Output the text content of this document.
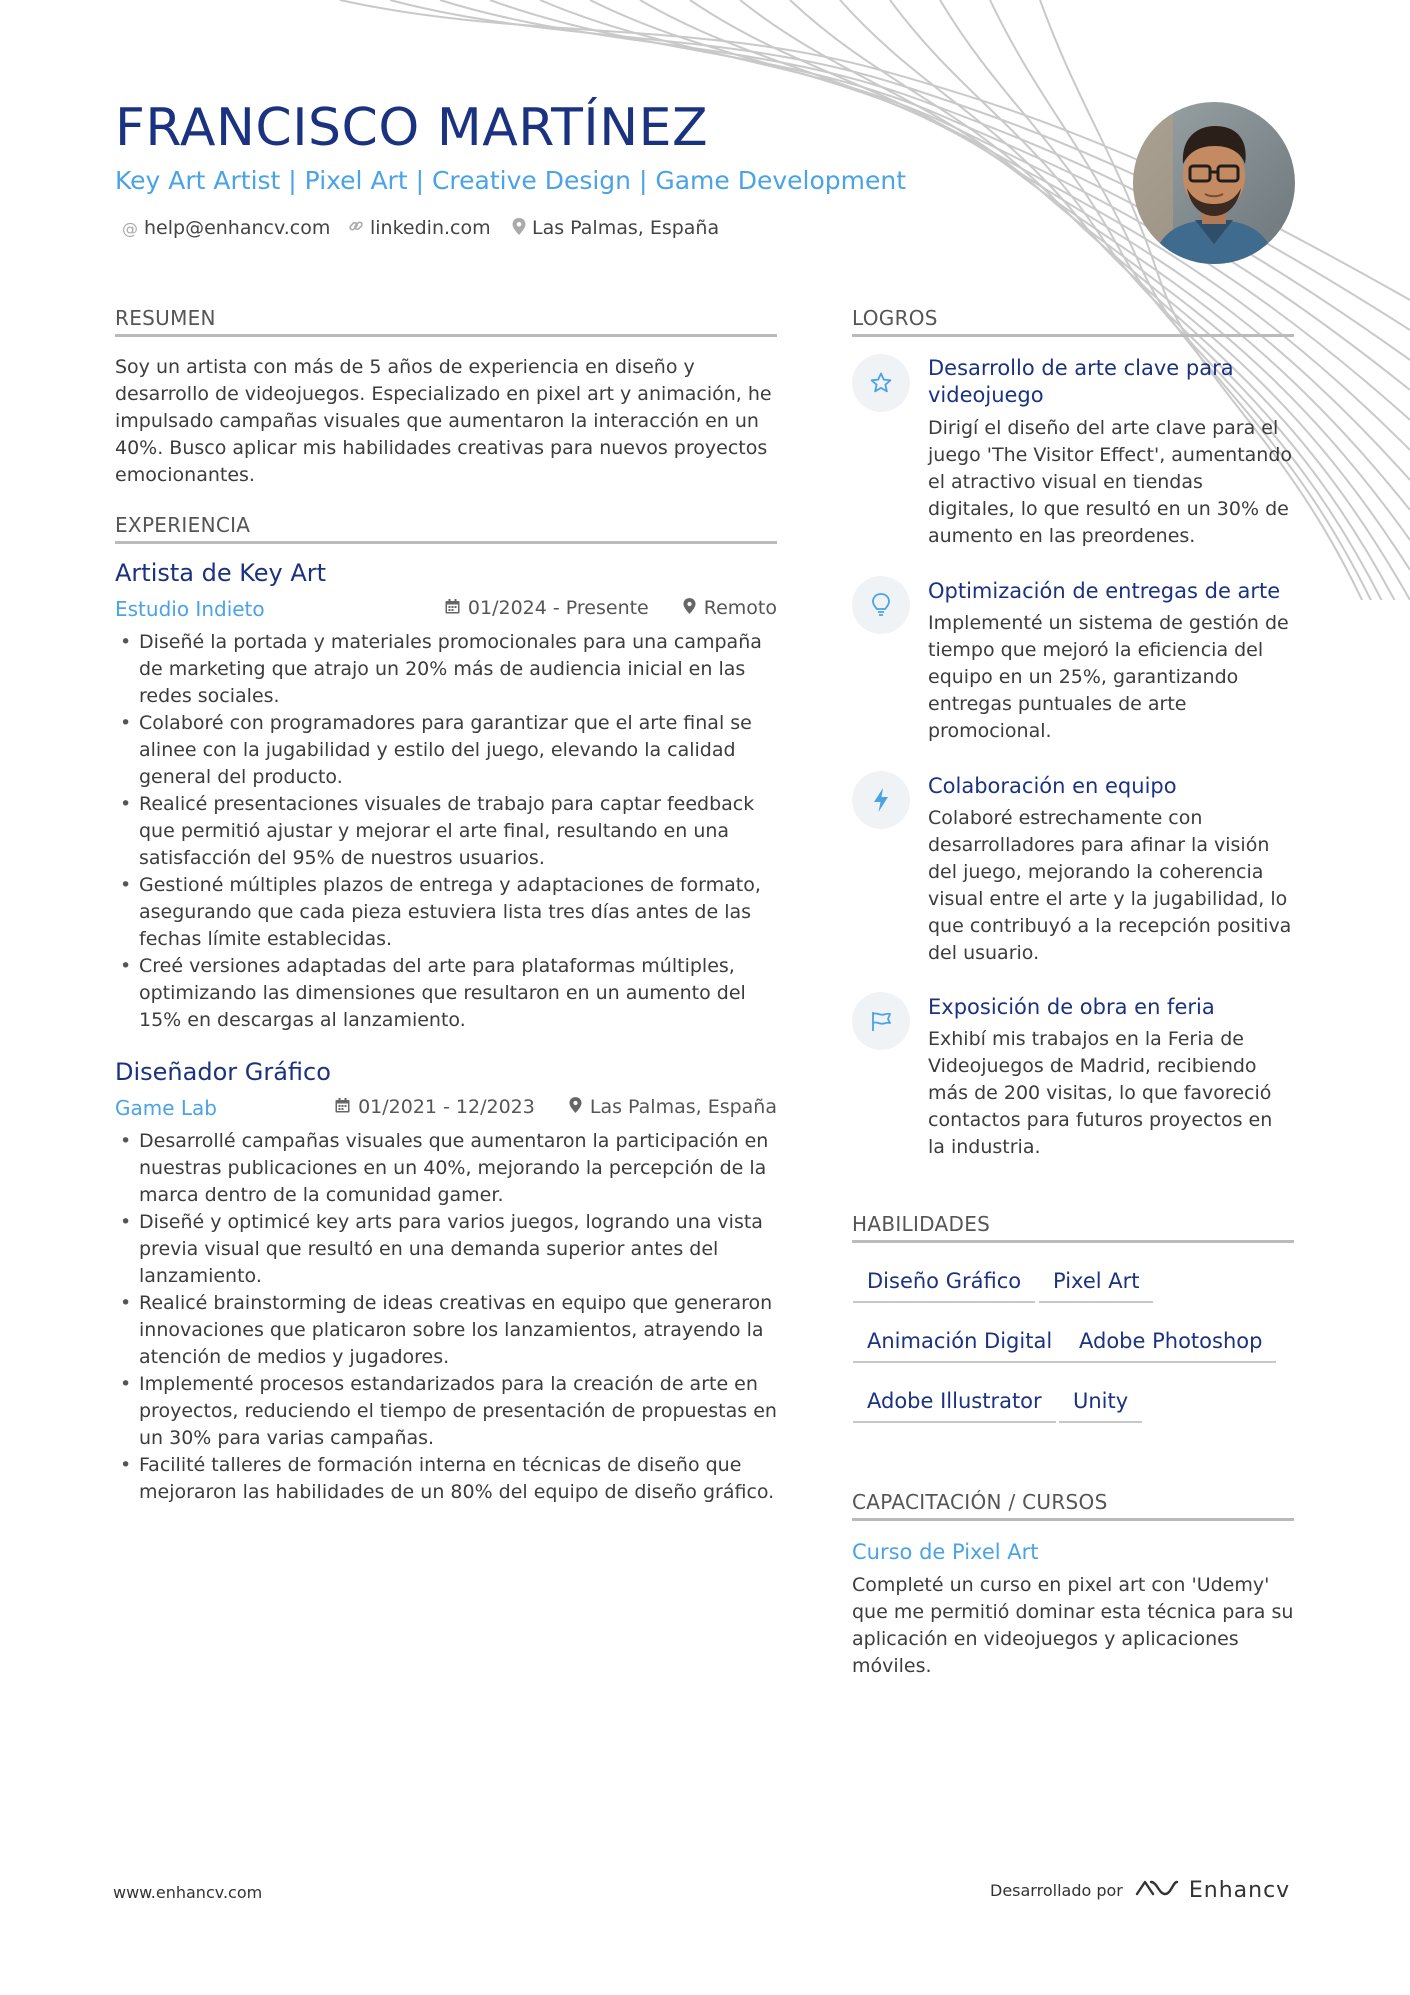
FRANCISCO MARTÍNEZ
Key Art Artist | Pixel Art | Creative Design | Game Development
@ help@enhancv.com linkedin.com Las Palmas, España
RESUMEN
Soy un artista con más de 5 años de experiencia en diseño y desarrollo de videojuegos. Especializado en pixel art y animación, he impulsado campañas visuales que aumentaron la interacción en un 40%. Busco aplicar mis habilidades creativas para nuevos proyectos emocionantes.
EXPERIENCIA
Artista de Key Art
Estudio Indieto	01/2024 - Presente	Remoto
• Diseñé la portada y materiales promocionales para una campaña de marketing que atrajo un 20% más de audiencia inicial en las redes sociales.
• Colaboré con programadores para garantizar que el arte final se alinee con la jugabilidad y estilo del juego, elevando la calidad general del producto.
• Realicé presentaciones visuales de trabajo para captar feedback que permitió ajustar y mejorar el arte final, resultando en una satisfacción del 95% de nuestros usuarios.
• Gestioné múltiples plazos de entrega y adaptaciones de formato, asegurando que cada pieza estuviera lista tres días antes de las fechas límite establecidas.
• Creé versiones adaptadas del arte para plataformas múltiples, optimizando las dimensiones que resultaron en un aumento del 15% en descargas al lanzamiento.
Diseñador Gráfico
Game Lab	01/2021 - 12/2023	Las Palmas, España
• Desarrollé campañas visuales que aumentaron la participación en nuestras publicaciones en un 40%, mejorando la percepción de la marca dentro de la comunidad gamer.
• Diseñé y optimicé key arts para varios juegos, logrando una vista previa visual que resultó en una demanda superior antes del lanzamiento.
• Realicé brainstorming de ideas creativas en equipo que generaron innovaciones que platicaron sobre los lanzamientos, atrayendo la atención de medios y jugadores.
• Implementé procesos estandarizados para la creación de arte en proyectos, reduciendo el tiempo de presentación de propuestas en un 30% para varias campañas.
• Facilité talleres de formación interna en técnicas de diseño que mejoraron las habilidades de un 80% del equipo de diseño gráfico.
LOGROS
Desarrollo de arte clave para videojuego
Dirigí el diseño del arte clave para el juego 'The Visitor Effect', aumentando el atractivo visual en tiendas digitales, lo que resultó en un 30% de aumento en las preordenes.
Optimización de entregas de arte
Implementé un sistema de gestión de tiempo que mejoró la eficiencia del equipo en un 25%, garantizando entregas puntuales de arte promocional.
Colaboración en equipo
Colaboré estrechamente con desarrolladores para afinar la visión del juego, mejorando la coherencia visual entre el arte y la jugabilidad, lo que contribuyó a la recepción positiva del usuario.
Exposición de obra en feria
Exhibí mis trabajos en la Feria de Videojuegos de Madrid, recibiendo más de 200 visitas, lo que favoreció contactos para futuros proyectos en la industria.
HABILIDADES
Diseño Gráfico	Pixel Art
Animación Digital	Adobe Photoshop
Adobe Illustrator	Unity
CAPACITACIÓN / CURSOS
Curso de Pixel Art
Completé un curso en pixel art con 'Udemy' que me permitió dominar esta técnica para su aplicación en videojuegos y aplicaciones móviles.
www.enhancv.com	Desarrollado por	Enhancv
